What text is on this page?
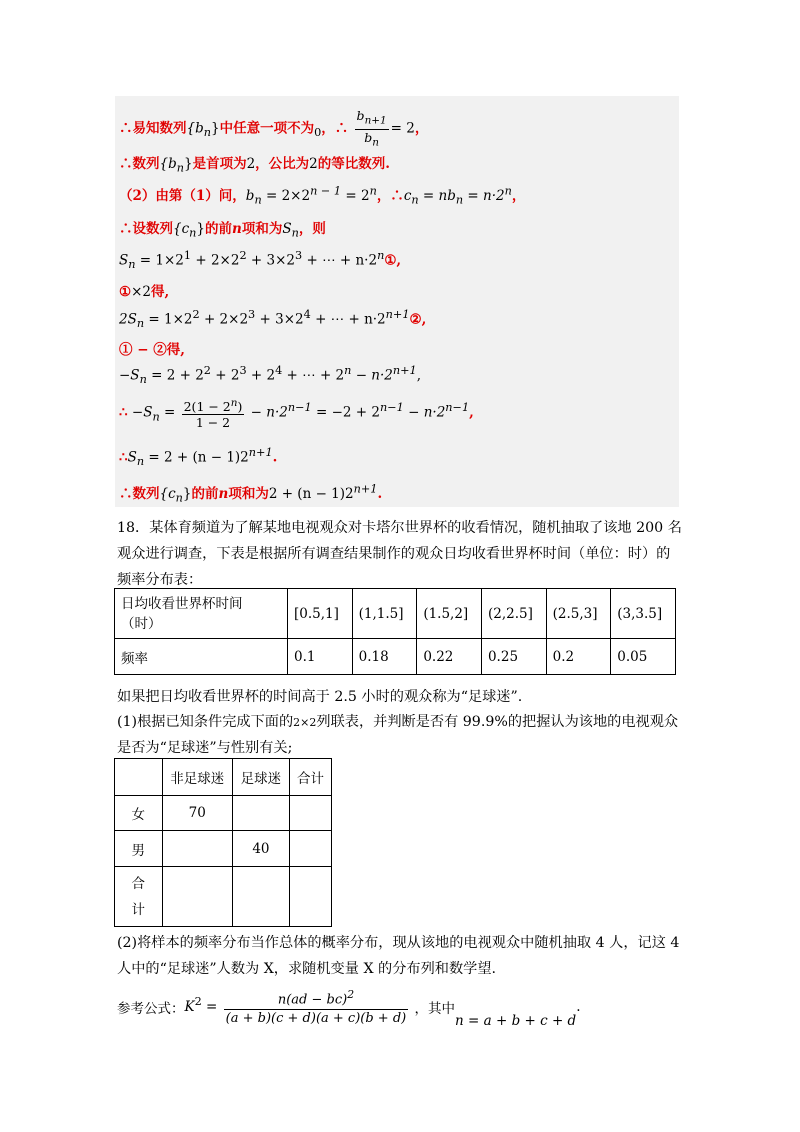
∴易知数列$\{b_n\}$中任意一项不为$_0$，∴ $\frac{b_{n+1}}{b_n} = 2$，
∴数列$\{b_n\}$是首项为2，公比为2的等比数列.
（2）由第（1）问，$b_n = 2\times 2^{n - 1} = 2^n$，$\therefore c_n = nb_n = n\cdot 2^n$，
∴设数列$\{c_n\}$的前n项和为$S_n$，则
$S_n = 1\times 2^1 + 2\times 2^2 + 3\times 2^3$ + ⋯ + $n\cdot 2^n①$,
①×2得,
$2S_n = 1\times 2^2 + 2\times 2^3 + 3\times 2^4$ + ⋯ + $n\cdot 2^{n+1}②$,
① − ②得,
$-S_n = 2 + 2^2 + 2^3 + 2^4$ + ⋯ + $2^n - n\cdot 2^{n+1}$,
∴ $-S_n = \frac{2(1 - 2^n)}{1 - 2} - n\cdot 2^{n-1} = -2 + 2^{n-1} - n\cdot 2^{n-1}$,
$\therefore S_n = 2 + (n - 1)2^{n+1}$.
∴数列$\{c_n\}$的前n项和为$2 + (n - 1)2^{n+1}$.
18．某体育频道为了解某地电视观众对卡塔尔世界杯的收看情况，随机抽取了该地 200 名
观众进行调查，下表是根据所有调查结果制作的观众日均收看世界杯时间（单位：时）的
频率分布表：
日均收看世界杯时间
（时）	[0.5,1]	(1,1.5]	(1.5,2]	(2,2.5]	(2.5,3]	(3,3.5]
频率	0.1	0.18	0.22	0.25	0.2	0.05
如果把日均收看世界杯的时间高于 2.5 小时的观众称为“足球迷”.
(1)根据已知条件完成下面的2×2列联表，并判断是否有 99.9%的把握认为该地的电视观众
是否为“足球迷”与性别有关;
	非足球迷	足球迷	合计
女	70		
男		40	

合
计			

(2)将样本的频率分布当作总体的概率分布，现从该地的电视观众中随机抽取 4 人，记这 4
人中的“足球迷”人数为 X，求随机变量 X 的分布列和数学望.
参考公式：$K^2 = \frac{n(ad - bc)^2}{(a + b)(c + d)(a + c)(b + d)}$ ，其中n = a + b + c + d.
